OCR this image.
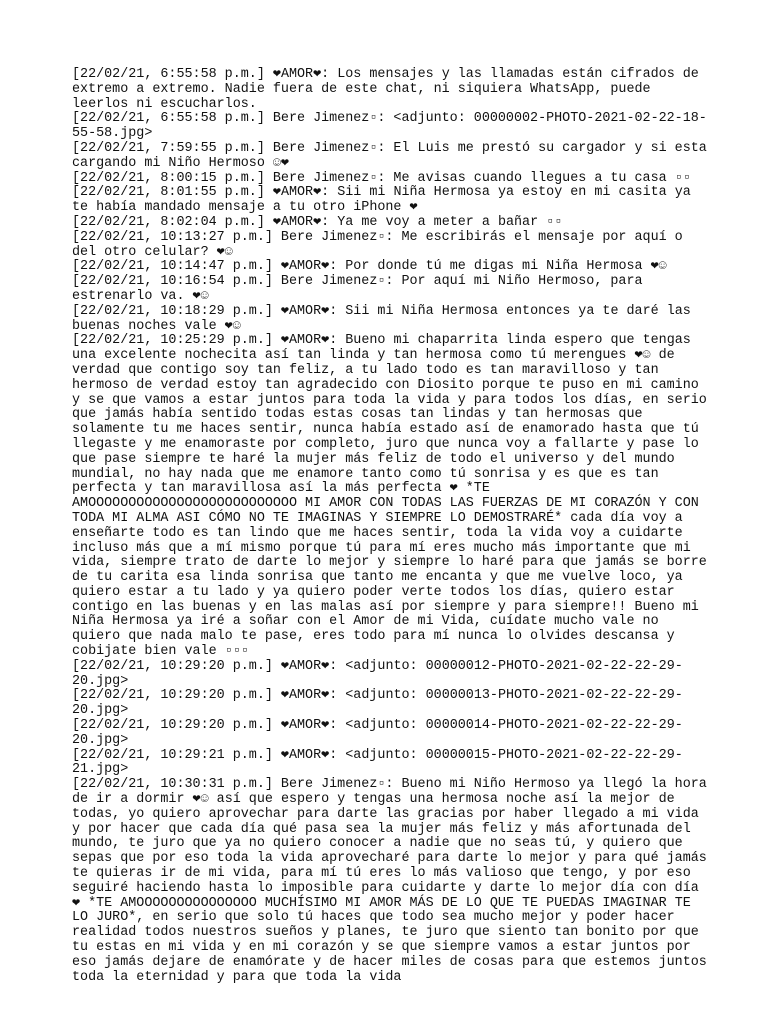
[22/02/21, 6:55:58 p.m.] ❤AMOR❤: Los mensajes y las llamadas están cifrados de extremo a extremo. Nadie fuera de este chat, ni siquiera WhatsApp, puede leerlos ni escucharlos.

[22/02/21, 6:55:58 p.m.] Bere Jimenez▫: <adjunto: 00000002-PHOTO-2021-02-22-18-55-58.jpg>

[22/02/21, 7:59:55 p.m.] Bere Jimenez▫: El Luis me prestó su cargador y si esta cargando mi Niño Hermoso ☺❤

[22/02/21, 8:00:15 p.m.] Bere Jimenez▫: Me avisas cuando llegues a tu casa ▫▫

[22/02/21, 8:01:55 p.m.] ❤AMOR❤: Sii mi Niña Hermosa ya estoy en mi casita ya te había mandado mensaje a tu otro iPhone ❤

[22/02/21, 8:02:04 p.m.] ❤AMOR❤: Ya me voy a meter a bañar ▫▫

[22/02/21, 10:13:27 p.m.] Bere Jimenez▫: Me escribirás el mensaje por aquí o del otro celular? ❤☺

[22/02/21, 10:14:47 p.m.] ❤AMOR❤: Por donde tú me digas mi Niña Hermosa ❤☺

[22/02/21, 10:16:54 p.m.] Bere Jimenez▫: Por aquí mi Niño Hermoso, para estrenarlo va. ❤☺

[22/02/21, 10:18:29 p.m.] ❤AMOR❤: Sii mi Niña Hermosa entonces ya te daré las buenas noches vale ❤☺

[22/02/21, 10:25:29 p.m.] ❤AMOR❤: Bueno mi chaparrita linda espero que tengas una excelente nochecita así tan linda y tan hermosa como tú merengues ❤☺ de verdad que contigo soy tan feliz, a tu lado todo es tan maravilloso y tan hermoso de verdad estoy tan agradecido con Diosito porque te puso en mi camino y se que vamos a estar juntos para toda la vida y para todos los días, en serio que jamás había sentido todas estas cosas tan lindas y tan hermosas que solamente tu me haces sentir, nunca había estado así de enamorado hasta que tú llegaste y me enamoraste por completo, juro que nunca voy a fallarte y pase lo que pase siempre te haré la mujer más feliz de todo el universo y del mundo mundial, no hay nada que me enamore tanto como tú sonrisa y es que es tan perfecta y tan maravillosa así la más perfecta ❤ *TE AMOOOOOOOOOOOOOOOOOOOOOOOOOO MI AMOR CON TODAS LAS FUERZAS DE MI CORAZÓN Y CON TODA MI ALMA ASI CÓMO NO TE IMAGINAS Y SIEMPRE LO DEMOSTRARÉ* cada día voy a enseñarte todo es tan lindo que me haces sentir, toda la vida voy a cuidarte incluso más que a mí mismo porque tú para mí eres mucho más importante que mi vida, siempre trato de darte lo mejor y siempre lo haré para que jamás se borre de tu carita esa linda sonrisa que tanto me encanta y que me vuelve loco, ya quiero estar a tu lado y ya quiero poder verte todos los días, quiero estar contigo en las buenas y en las malas así por siempre y para siempre!! Bueno mi Niña Hermosa ya iré a soñar con el Amor de mi Vida, cuídate mucho vale no quiero que nada malo te pase, eres todo para mí nunca lo olvides descansa y cobijate bien vale ▫▫▫

[22/02/21, 10:29:20 p.m.] ❤AMOR❤: <adjunto: 00000012-PHOTO-2021-02-22-22-29-20.jpg>

[22/02/21, 10:29:20 p.m.] ❤AMOR❤: <adjunto: 00000013-PHOTO-2021-02-22-22-29-20.jpg>

[22/02/21, 10:29:20 p.m.] ❤AMOR❤: <adjunto: 00000014-PHOTO-2021-02-22-22-29-20.jpg>

[22/02/21, 10:29:21 p.m.] ❤AMOR❤: <adjunto: 00000015-PHOTO-2021-02-22-22-29-21.jpg>

[22/02/21, 10:30:31 p.m.] Bere Jimenez▫: Bueno mi Niño Hermoso ya llegó la hora de ir a dormir ❤☺ así que espero y tengas una hermosa noche así la mejor de todas, yo quiero aprovechar para darte las gracias por haber llegado a mi vida y por hacer que cada día qué pasa sea la mujer más feliz y más afortunada del mundo, te juro que ya no quiero conocer a nadie que no seas tú, y quiero que sepas que por eso toda la vida aprovecharé para darte lo mejor y para qué jamás te quieras ir de mi vida, para mí tú eres lo más valioso que tengo, y por eso seguiré haciendo hasta lo imposible para cuidarte y darte lo mejor día con día ❤ *TE AMOOOOOOOOOOOOOOO MUCHÍSIMO MI AMOR MÁS DE LO QUE TE PUEDAS IMAGINAR TE LO JURO*, en serio que solo tú haces que todo sea mucho mejor y poder hacer realidad todos nuestros sueños y planes, te juro que siento tan bonito por que tu estas en mi vida y en mi corazón y se que siempre vamos a estar juntos por eso jamás dejare de enamórate y de hacer miles de cosas para que estemos juntos toda la eternidad y para que toda la vida
